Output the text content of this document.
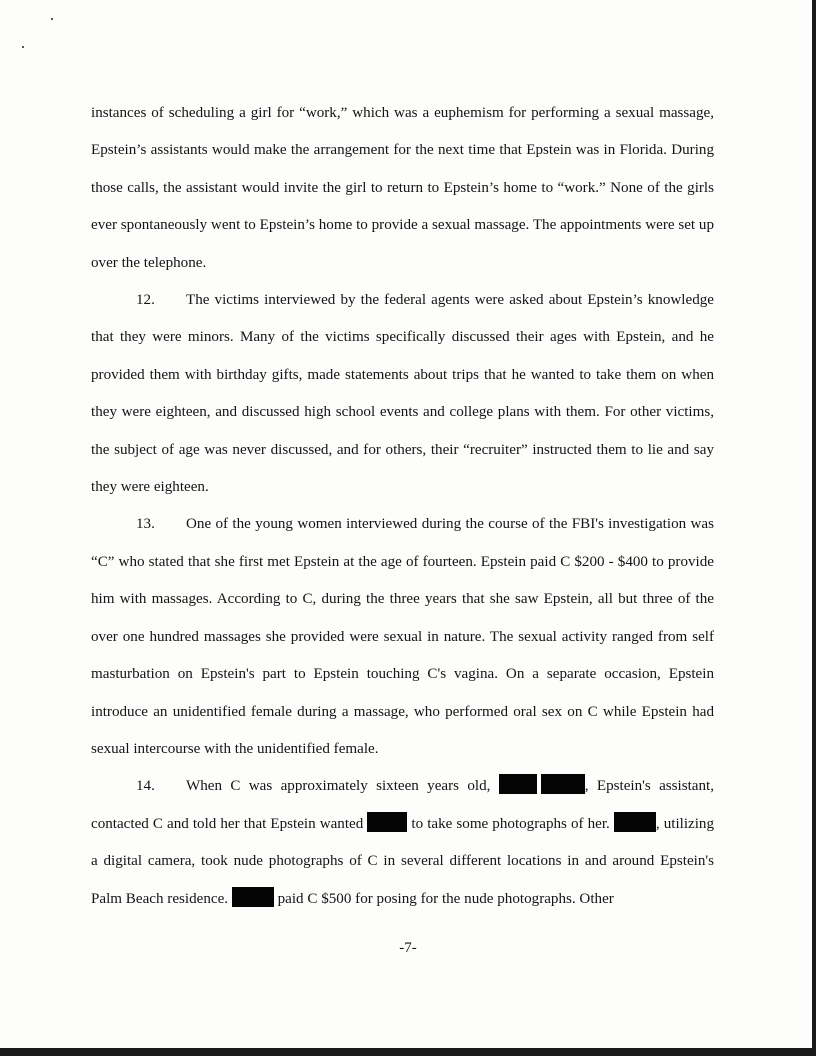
instances of scheduling a girl for “work,” which was a euphemism for performing a sexual massage, Epstein’s assistants would make the arrangement for the next time that Epstein was in Florida. During those calls, the assistant would invite the girl to return to Epstein’s home to “work.” None of the girls ever spontaneously went to Epstein’s home to provide a sexual massage. The appointments were set up over the telephone.

12. The victims interviewed by the federal agents were asked about Epstein’s knowledge that they were minors. Many of the victims specifically discussed their ages with Epstein, and he provided them with birthday gifts, made statements about trips that he wanted to take them on when they were eighteen, and discussed high school events and college plans with them. For other victims, the subject of age was never discussed, and for others, their “recruiter” instructed them to lie and say they were eighteen.

13. One of the young women interviewed during the course of the FBI's investigation was “C” who stated that she first met Epstein at the age of fourteen. Epstein paid C $200 - $400 to provide him with massages. According to C, during the three years that she saw Epstein, all but three of the over one hundred massages she provided were sexual in nature. The sexual activity ranged from self masturbation on Epstein's part to Epstein touching C's vagina. On a separate occasion, Epstein introduce an unidentified female during a massage, who performed oral sex on C while Epstein had sexual intercourse with the unidentified female.

14. When C was approximately sixteen years old,	, Epstein's assistant, contacted C and told her that Epstein wanted	to take some photographs of her.	, utilizing a digital camera, took nude photographs of C in several different locations in and around Epstein's Palm Beach residence.	paid C $500 for posing for the nude photographs. Other

-7-
